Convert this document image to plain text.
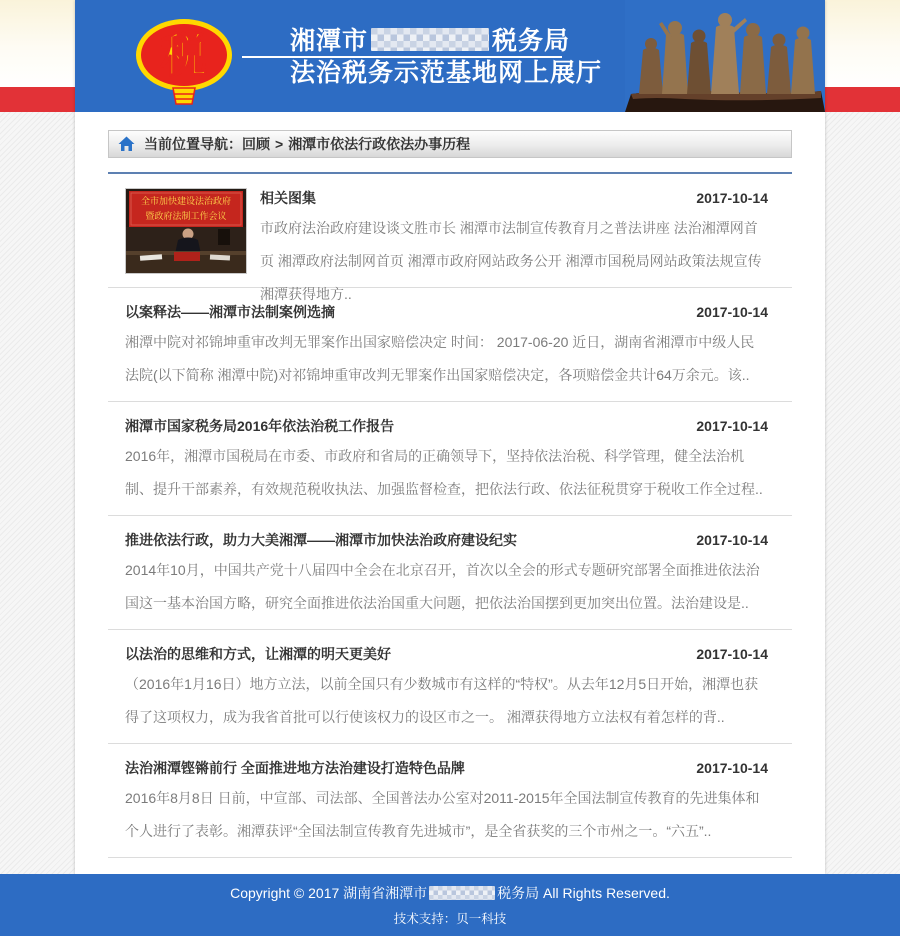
税	湘潭市	税务局
法治税务示范基地网上展厅
当前位置导航： 回顾 > 湘潭市依法行政依法办事历程
全市加快建设法治政府
暨政府法制工作会议
相关图集	2017-10-14
市政府法治政府建设谈文胜市长 湘潭市法制宣传教育月之普法讲座 法治湘潭网首页 湘潭政府法制网首页 湘潭市政府网站政务公开 湘潭市国税局网站政策法规宣传 湘潭获得地方..
以案释法——湘潭市法制案例选摘	2017-10-14
湘潭中院对祁锦坤重审改判无罪案作出国家赔偿决定 时间： 2017-06-20 近日，湖南省湘潭市中级人民法院(以下简称 湘潭中院)对祁锦坤重审改判无罪案作出国家赔偿决定，各项赔偿金共计64万余元。该..
湘潭市国家税务局2016年依法治税工作报告	2017-10-14
2016年，湘潭市国税局在市委、市政府和省局的正确领导下，坚持依法治税、科学管理，健全法治机制、提升干部素养，有效规范税收执法、加强监督检查，把依法行政、依法征税贯穿于税收工作全过程..
推进依法行政，助力大美湘潭——湘潭市加快法治政府建设纪实	2017-10-14
2014年10月，中国共产党十八届四中全会在北京召开，首次以全会的形式专题研究部署全面推进依法治国这一基本治国方略，研究全面推进依法治国重大问题，把依法治国摆到更加突出位置。法治建设是..
以法治的思维和方式，让湘潭的明天更美好	2017-10-14
（2016年1月16日）地方立法，以前全国只有少数城市有这样的“特权”。从去年12月5日开始，湘潭也获得了这项权力，成为我省首批可以行使该权力的设区市之一。 湘潭获得地方立法权有着怎样的背..
法治湘潭铿锵前行 全面推进地方法治建设打造特色品牌	2017-10-14
2016年8月8日 日前，中宣部、司法部、全国普法办公室对2011-2015年全国法制宣传教育的先进集体和个人进行了表彰。湘潭获评“全国法制宣传教育先进城市”，是全省获奖的三个市州之一。“六五”..
Copyright © 2017 湖南省湘潭市	税务局 All Rights Reserved.
技术支持：贝一科技
